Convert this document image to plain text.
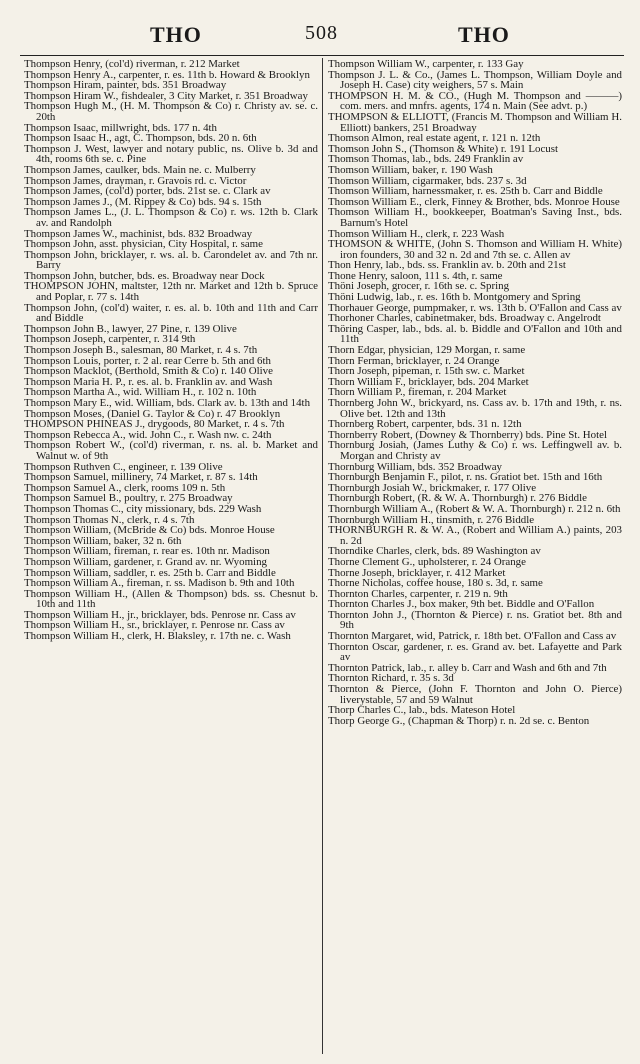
THO	508	THO
Thompson Henry, (col'd) riverman, r. 212 Market
Thompson Henry A., carpenter, r. es. 11th b. Howard & Brooklyn
Thompson Hiram, painter, bds. 351 Broadway
Thompson Hiram W., fishdealer, 3 City Market, r. 351 Broadway
Thompson Hugh M., (H. M. Thompson & Co) r. Christy av. se. c. 20th
Thompson Isaac, millwright, bds. 177 n. 4th
Thompson Isaac H., agt, C. Thompson, bds. 20 n. 6th
Thompson J. West, lawyer and notary public, ns. Olive b. 3d and 4th, rooms 6th se. c. Pine
Thompson James, caulker, bds. Main ne. c. Mulberry
Thompson James, drayman, r. Gravois rd. c. Victor
Thompson James, (col'd) porter, bds. 21st se. c. Clark av
Thompson James J., (M. Rippey & Co) bds. 94 s. 15th
Thompson James L., (J. L. Thompson & Co) r. ws. 12th b. Clark av. and Randolph
Thompson James W., machinist, bds. 832 Broadway
Thompson John, asst. physician, City Hospital, r. same
Thompson John, bricklayer, r. ws. al. b. Carondelet av. and 7th nr. Barry
Thompson John, butcher, bds. es. Broadway near Dock
THOMPSON JOHN, maltster, 12th nr. Market and 12th b. Spruce and Poplar, r. 77 s. 14th
Thompson John, (col'd) waiter, r. es. al. b. 10th and 11th and Carr and Biddle
Thompson John B., lawyer, 27 Pine, r. 139 Olive
Thompson Joseph, carpenter, r. 314 9th
Thompson Joseph B., salesman, 80 Market, r. 4 s. 7th
Thompson Louis, porter, r. 2 al. rear Cerre b. 5th and 6th
Thompson Macklot, (Berthold, Smith & Co) r. 140 Olive
Thompson Maria H. P., r. es. al. b. Franklin av. and Wash
Thompson Martha A., wid. William H., r. 102 n. 10th
Thompson Mary E., wid. William, bds. Clark av. b. 13th and 14th
Thompson Moses, (Daniel G. Taylor & Co) r. 47 Brooklyn
THOMPSON PHINEAS J., drygoods, 80 Market, r. 4 s. 7th
Thompson Rebecca A., wid. John C., r. Wash nw. c. 24th
Thompson Robert W., (col'd) riverman, r. ns. al. b. Market and Walnut w. of 9th
Thompson Ruthven C., engineer, r. 139 Olive
Thompson Samuel, millinery, 74 Market, r. 87 s. 14th
Thompson Samuel A., clerk, rooms 109 n. 5th
Thompson Samuel B., poultry, r. 275 Broadway
Thompson Thomas C., city missionary, bds. 229 Wash
Thompson Thomas N., clerk, r. 4 s. 7th
Thompson William, (McBride & Co) bds. Monroe House
Thompson William, baker, 32 n. 6th
Thompson William, fireman, r. rear es. 10th nr. Madison
Thompson William, gardener, r. Grand av. nr. Wyoming
Thompson William, saddler, r. es. 25th b. Carr and Biddle
Thompson William A., fireman, r. ss. Madison b. 9th and 10th
Thompson William H., (Allen & Thompson) bds. ss. Chesnut b. 10th and 11th
Thompson William H., jr., bricklayer, bds. Penrose nr. Cass av
Thompson William H., sr., bricklayer, r. Penrose nr. Cass av
Thompson William H., clerk, H. Blaksley, r. 17th ne. c. Wash
Thompson William W., carpenter, r. 133 Gay
Thompson J. L. & Co., (James L. Thompson, William Doyle and Joseph H. Case) city weighers, 57 s. Main
THOMPSON H. M. & CO., (Hugh M. Thompson and ———) com. mers. and mnfrs. agents, 174 n. Main (See advt. p.)
THOMPSON & ELLIOTT, (Francis M. Thompson and William H. Elliott) bankers, 251 Broadway
Thomson Almon, real estate agent, r. 121 n. 12th
Thomson John S., (Thomson & White) r. 191 Locust
Thomson Thomas, lab., bds. 249 Franklin av
Thomson William, baker, r. 190 Wash
Thomson William, cigarmaker, bds. 237 s. 3d
Thomson William, harnessmaker, r. es. 25th b. Carr and Biddle
Thomson William E., clerk, Finney & Brother, bds. Monroe House
Thomson William H., bookkeeper, Boatman's Saving Inst., bds. Barnum's Hotel
Thomson William H., clerk, r. 223 Wash
THOMSON & WHITE, (John S. Thomson and William H. White) iron founders, 30 and 32 n. 2d and 7th se. c. Allen av
Thon Henry, lab., bds. ss. Franklin av. b. 20th and 21st
Thone Henry, saloon, 111 s. 4th, r. same
Thöni Joseph, grocer, r. 16th se. c. Spring
Thöni Ludwig, lab., r. es. 16th b. Montgomery and Spring
Thorhauer George, pumpmaker, r. ws. 13th b. O'Fallon and Cass av
Thorhoner Charles, cabinetmaker, bds. Broadway c. Angelrodt
Thöring Casper, lab., bds. al. b. Biddle and O'Fallon and 10th and 11th
Thorn Edgar, physician, 129 Morgan, r. same
Thorn Ferman, bricklayer, r. 24 Orange
Thorn Joseph, pipeman, r. 15th sw. c. Market
Thorn William F., bricklayer, bds. 204 Market
Thorn William P., fireman, r. 204 Market
Thornberg John W., brickyard, ns. Cass av. b. 17th and 19th, r. ns. Olive bet. 12th and 13th
Thornberg Robert, carpenter, bds. 31 n. 12th
Thornberry Robert, (Downey & Thornberry) bds. Pine St. Hotel
Thornburg Josiah, (James Luthy & Co) r. ws. Leffingwell av. b. Morgan and Christy av
Thornburg William, bds. 352 Broadway
Thornburgh Benjamin F., pilot, r. ns. Gratiot bet. 15th and 16th
Thornburgh Josiah W., brickmaker, r. 177 Olive
Thornburgh Robert, (R. & W. A. Thornburgh) r. 276 Biddle
Thornburgh William A., (Robert & W. A. Thornburgh) r. 212 n. 6th
Thornburgh William H., tinsmith, r. 276 Biddle
THORNBURGH R. & W. A., (Robert and William A.) paints, 203 n. 2d
Thorndike Charles, clerk, bds. 89 Washington av
Thorne Clement G., upholsterer, r. 24 Orange
Thorne Joseph, bricklayer, r. 412 Market
Thorne Nicholas, coffee house, 180 s. 3d, r. same
Thornton Charles, carpenter, r. 219 n. 9th
Thornton Charles J., box maker, 9th bet. Biddle and O'Fallon
Thornton John J., (Thornton & Pierce) r. ns. Gratiot bet. 8th and 9th
Thornton Margaret, wid, Patrick, r. 18th bet. O'Fallon and Cass av
Thornton Oscar, gardener, r. es. Grand av. bet. Lafayette and Park av
Thornton Patrick, lab., r. alley b. Carr and Wash and 6th and 7th
Thornton Richard, r. 35 s. 3d
Thornton & Pierce, (John F. Thornton and John O. Pierce) liverystable, 57 and 59 Walnut
Thorp Charles C., lab., bds. Mateson Hotel
Thorp George G., (Chapman & Thorp) r. n. 2d se. c. Benton
